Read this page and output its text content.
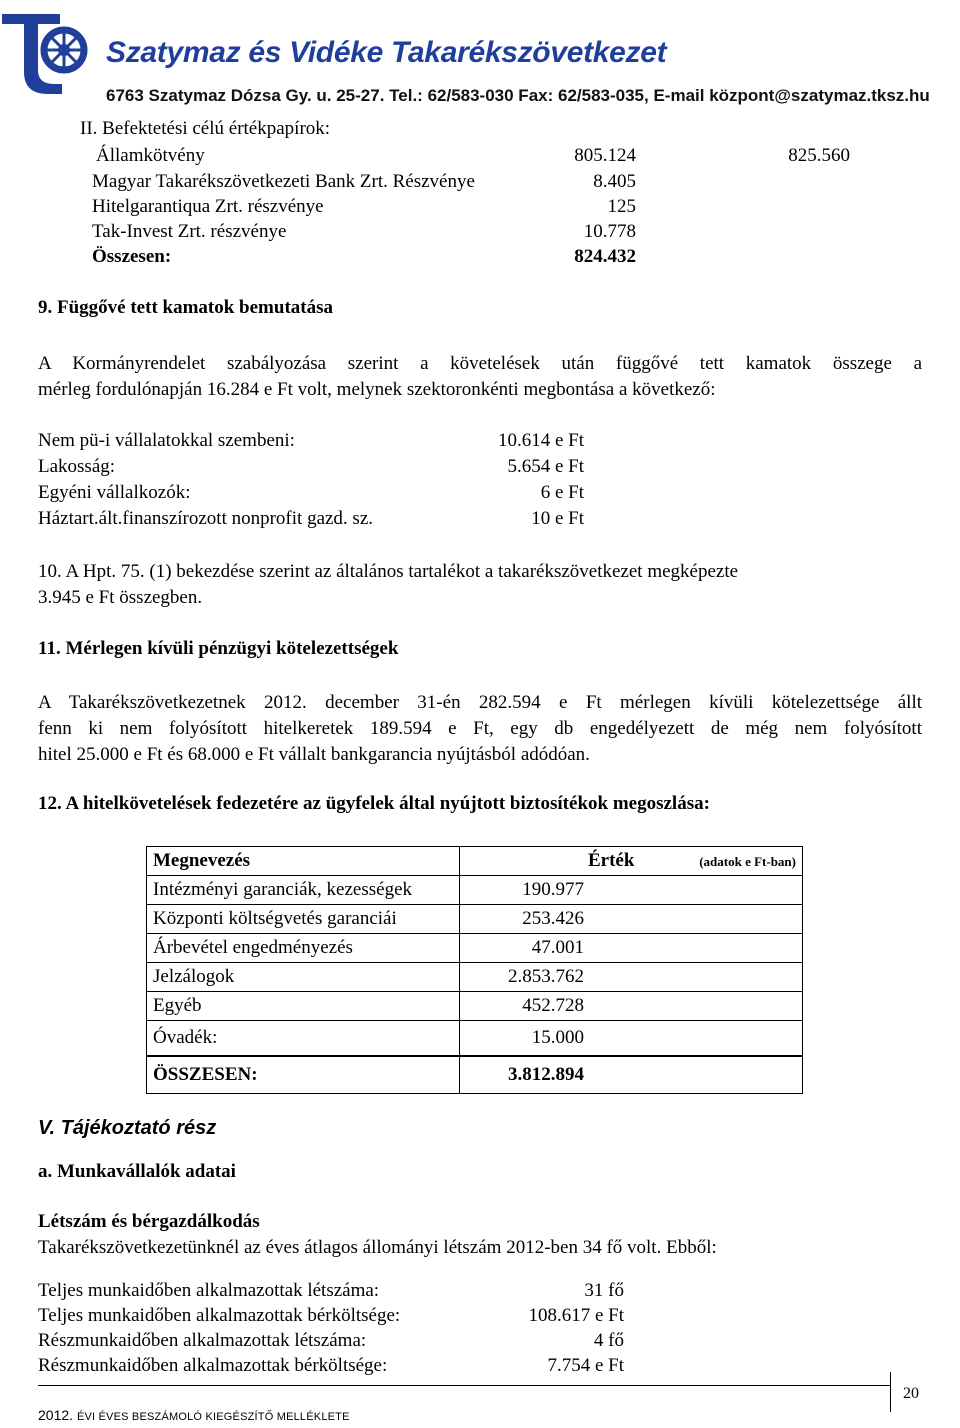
Szatymaz és Vidéke Takarékszövetkezet
6763 Szatymaz Dózsa Gy. u. 25-27. Tel.: 62/583-030 Fax: 62/583-035, E-mail központ@szatymaz.tksz.hu
II. Befektetési célú értékpapírok:
Államkötvény	805.124	825.560
Magyar Takarékszövetkezeti Bank Zrt. Részvénye	8.405
Hitelgarantiqua Zrt. részvénye	125
Tak-Invest Zrt. részvénye	10.778
Összesen:	824.432
9. Függővé tett kamatok bemutatása
A Kormányrendelet szabályozása szerint a követelések után függővé tett kamatok összege a
mérleg fordulónapján 16.284 e Ft volt, melynek szektoronkénti megbontása a következő:
Nem pü-i vállalatokkal szembeni:	10.614 e Ft
Lakosság:	5.654 e Ft
Egyéni vállalkozók:	6 e Ft
Háztart.ált.finanszírozott nonprofit gazd. sz.	10 e Ft
10. A Hpt. 75. (1) bekezdése szerint az általános tartalékot a takarékszövetkezet megképezte
3.945 e Ft összegben.
11. Mérlegen kívüli pénzügyi kötelezettségek
A Takarékszövetkezetnek 2012. december 31-én 282.594 e Ft mérlegen kívüli kötelezettsége állt
fenn ki nem folyósított hitelkeretek 189.594 e Ft, egy db engedélyezett de még nem folyósított
hitel 25.000 e Ft és 68.000 e Ft vállalt bankgarancia nyújtásból adódóan.
12. A hitelkövetelések fedezetére az ügyfelek által nyújtott biztosítékok megoszlása:
Megnevezés	Érték (adatok e Ft-ban)

Intézményi garanciák, kezességek	190.977
Központi költségvetés garanciái	253.426
Árbevétel engedményezés	47.001
Jelzálogok	2.853.762
Egyéb	452.728
Óvadék:	15.000
ÖSSZESEN:	3.812.894
V. Tájékoztató rész
a. Munkavállalók adatai
Létszám és bérgazdálkodás
Takarékszövetkezetünknél az éves átlagos állományi létszám 2012-ben 34 fő volt. Ebből:
Teljes munkaidőben alkalmazottak létszáma:	31 fő
Teljes munkaidőben alkalmazottak bérköltsége:	108.617 e Ft
Részmunkaidőben alkalmazottak létszáma:	4 fő
Részmunkaidőben alkalmazottak bérköltsége:	7.754 e Ft
20
2012. ÉVI ÉVES BESZÁMOLÓ KIEGÉSZÍTŐ MELLÉKLETE
